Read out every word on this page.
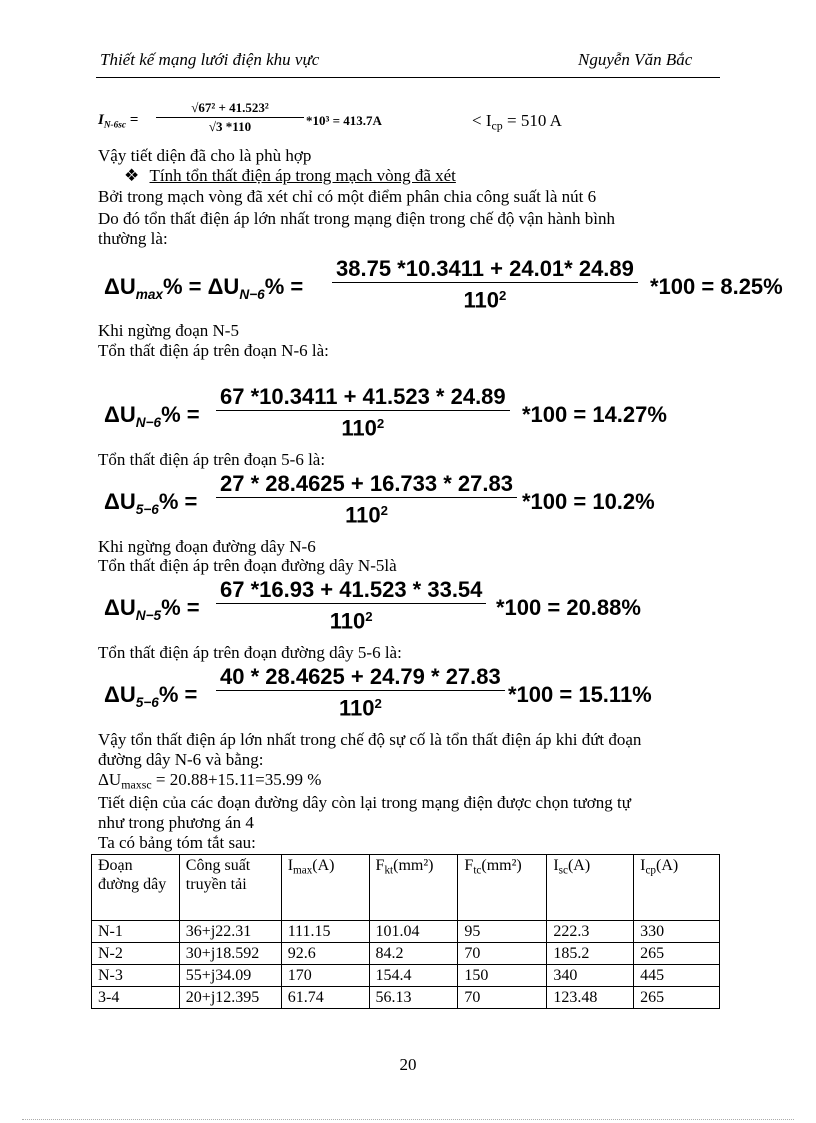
Thiết kế mạng lưới điện khu vực	Nguyễn Văn Bắc
$I_{N-6sc} = \frac{\text{√67² + 41.523²}}{√3 *110} *10^3 = 413.7A$	< $I_{cp} = 510$ A
Vậy tiết diện đã cho là phù hợp
❖ Tính tổn thất điện áp trong mạch vòng đã xét
Bởi trong mạch vòng đã xét chỉ có một điểm phân chia công suất là nút 6
Do đó tổn thất điện áp lớn nhất trong mạng điện trong chế độ vận hành bình
thường là:
$\Delta U_{max}\% = \Delta U_{N-6}\% = \frac{38.75 *10.3411 + 24.01* 24.89}{110^2} *100 = 8.25\%$
Khi ngừng đoạn N-5
Tổn thất điện áp trên đoạn N-6 là:
$\Delta U_{N-6}\% = \frac{67 *10.3411 + 41.523 * 24.89}{110^2} *100 = 14.27\%$
Tổn thất điện áp trên đoạn 5-6 là:
$\Delta U_{5-6}\% = \frac{27 * 28.4625 + 16.733 * 27.83}{110^2} *100 = 10.2\%$
Khi ngừng đoạn đường dây N-6
Tổn thất điện áp trên đoạn đường dây N-5là
$\Delta U_{N-5}\% = \frac{67 *16.93 + 41.523 * 33.54}{110^2} *100 = 20.88\%$
Tổn thất điện áp trên đoạn đường dây 5-6 là:
$\Delta U_{5-6}\% = \frac{40 * 28.4625 + 24.79 * 27.83}{110^2} *100 = 15.11\%$
Vậy tổn thất điện áp lớn nhất trong chế độ sự cố là tổn thất điện áp khi đứt đoạn
đường dây N-6 và bằng:
$\Delta U_{maxsc} = 20.88+15.11=35.99$ %
Tiết diện của các đoạn đường dây còn lại trong mạng điện được chọn tương tự
như trong phương án 4
Ta có bảng tóm tắt sau:
Đoạn đường dây	Công suất truyền tải	$I_{max}(A)$	$F_{kt}(mm^2)$	$F_{tc}(mm^2)$	$I_{sc}(A)$	$I_{cp}(A)$
N-1	36+j22.31	111.15	101.04	95	222.3	330
N-2	30+j18.592	92.6	84.2	70	185.2	265
N-3	55+j34.09	170	154.4	150	340	445
3-4	20+j12.395	61.74	56.13	70	123.48	265
20
